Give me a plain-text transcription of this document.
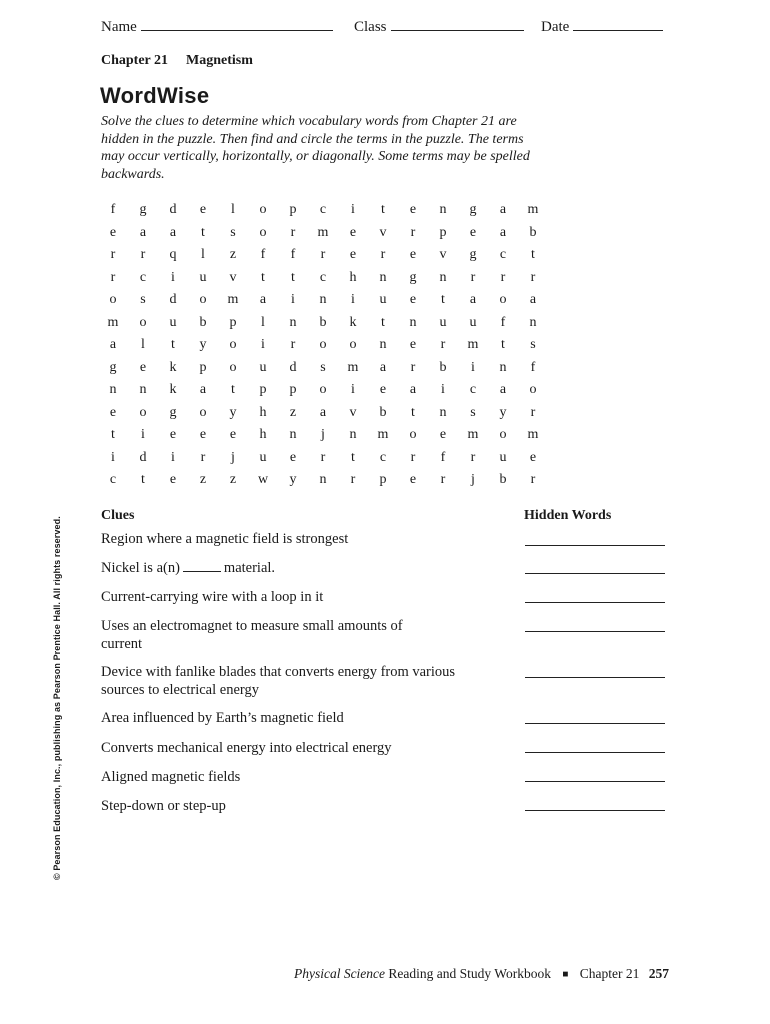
Name	Class	Date
Chapter 21 Magnetism
WordWise
Solve the clues to determine which vocabulary words from Chapter 21 are hidden in the puzzle. Then find and circle the terms in the puzzle. The terms may occur vertically, horizontally, or diagonally. Some terms may be spelled backwards.
f	g	d	e	l	o	p	c	i	t	e	n	g	a	m
e	a	a	t	s	o	r	m	e	v	r	p	e	a	b
r	r	q	l	z	f	f	r	e	r	e	v	g	c	t
r	c	i	u	v	t	t	c	h	n	g	n	r	r	r
o	s	d	o	m	a	i	n	i	u	e	t	a	o	a
m	o	u	b	p	l	n	b	k	t	n	u	u	f	n
a	l	t	y	o	i	r	o	o	n	e	r	m	t	s
g	e	k	p	o	u	d	s	m	a	r	b	i	n	f
n	n	k	a	t	p	p	o	i	e	a	i	c	a	o
e	o	g	o	y	h	z	a	v	b	t	n	s	y	r
t	i	e	e	e	h	n	j	n	m	o	e	m	o	m
i	d	i	r	j	u	e	r	t	c	r	f	r	u	e
c	t	e	z	z	w	y	n	r	p	e	r	j	b	r
Clues	Hidden Words
Region where a magnetic field is strongest
Nickel is a(n)	material.
Current-carrying wire with a loop in it
Uses an electromagnet to measure small amounts of current
Device with fanlike blades that converts energy from various sources to electrical energy
Area influenced by Earth’s magnetic field
Converts mechanical energy into electrical energy
Aligned magnetic fields
Step-down or step-up
© Pearson Education, Inc., publishing as Pearson Prentice Hall. All rights reserved.
Physical Science Reading and Study Workbook ■ Chapter 21 257
